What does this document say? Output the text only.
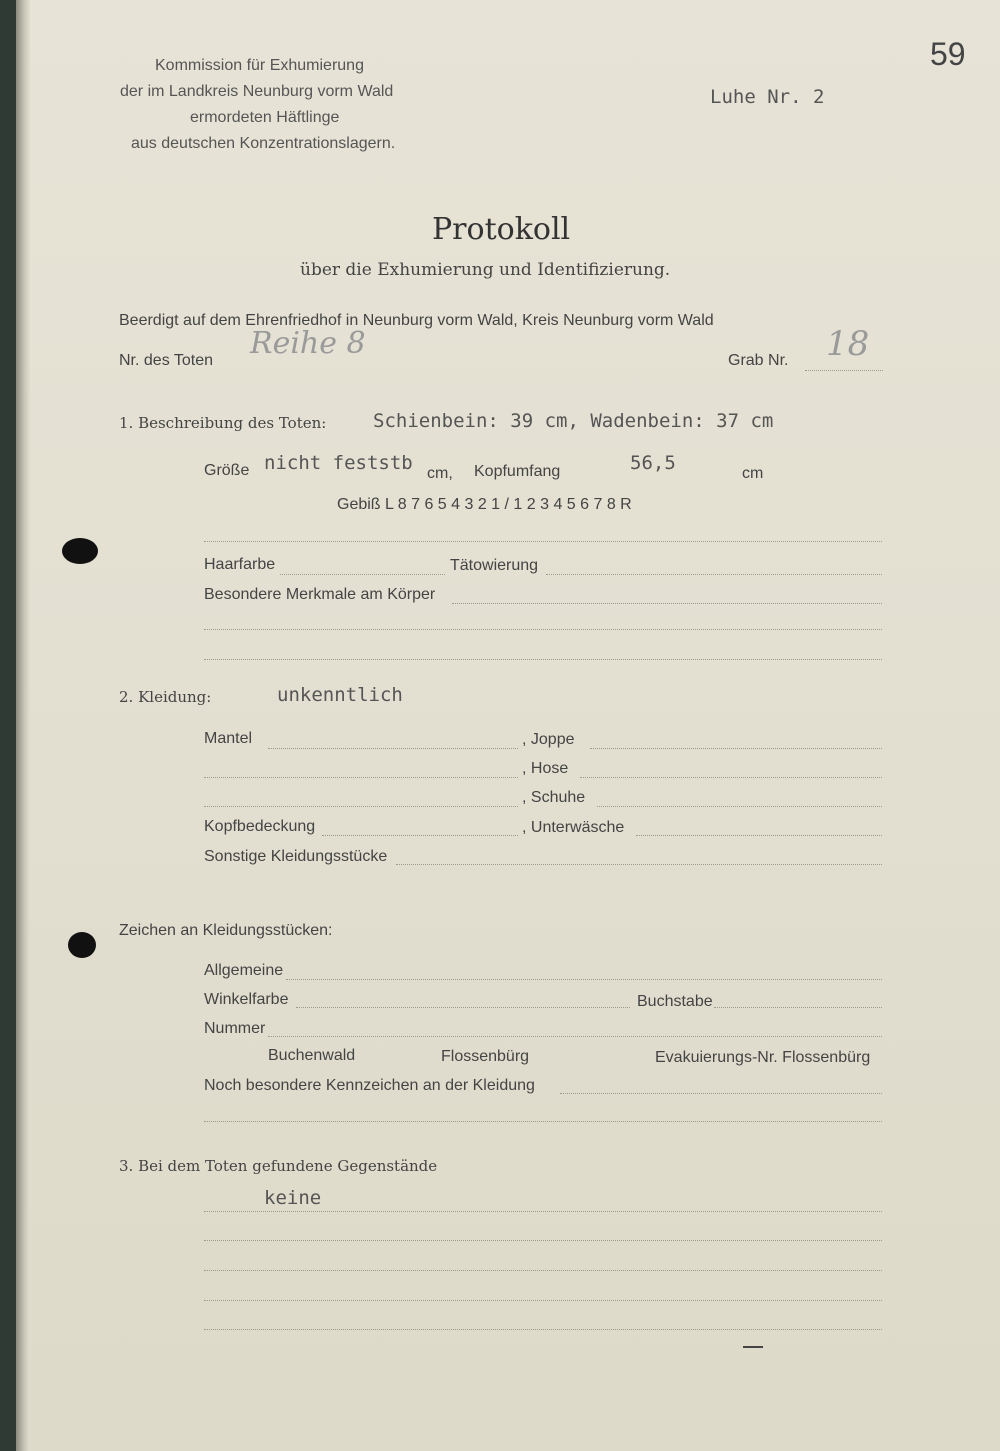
59
Kommission für Exhumierung
der im Landkreis Neunburg vorm Wald
ermordeten Häftlinge
aus deutschen Konzentrationslagern.
Luhe Nr. 2
Protokoll
über die Exhumierung und Identifizierung.
Beerdigt auf dem Ehrenfriedhof in Neunburg vorm Wald, Kreis Neunburg vorm Wald
Nr. des Toten Reihe 8	Grab Nr. 18
1. Beschreibung des Toten: Schienbein: 39 cm, Wadenbein: 37 cm
Größe nicht feststb cm, Kopfumfang	56,5	cm
Gebiß L 8 7 6 5 4 3 2 1 / 1 2 3 4 5 6 7 8 R
Haarfarbe	Tätowierung
Besondere Merkmale am Körper
2. Kleidung:	unkenntlich
Mantel	, Joppe
, Hose
, Schuhe
Kopfbedeckung	, Unterwäsche
Sonstige Kleidungsstücke
Zeichen an Kleidungsstücken:
Allgemeine
Winkelfarbe	Buchstabe
Nummer
Buchenwald	Flossenbürg	Evakuierungs-Nr. Flossenbürg
Noch besondere Kennzeichen an der Kleidung
3. Bei dem Toten gefundene Gegenstände
keine
